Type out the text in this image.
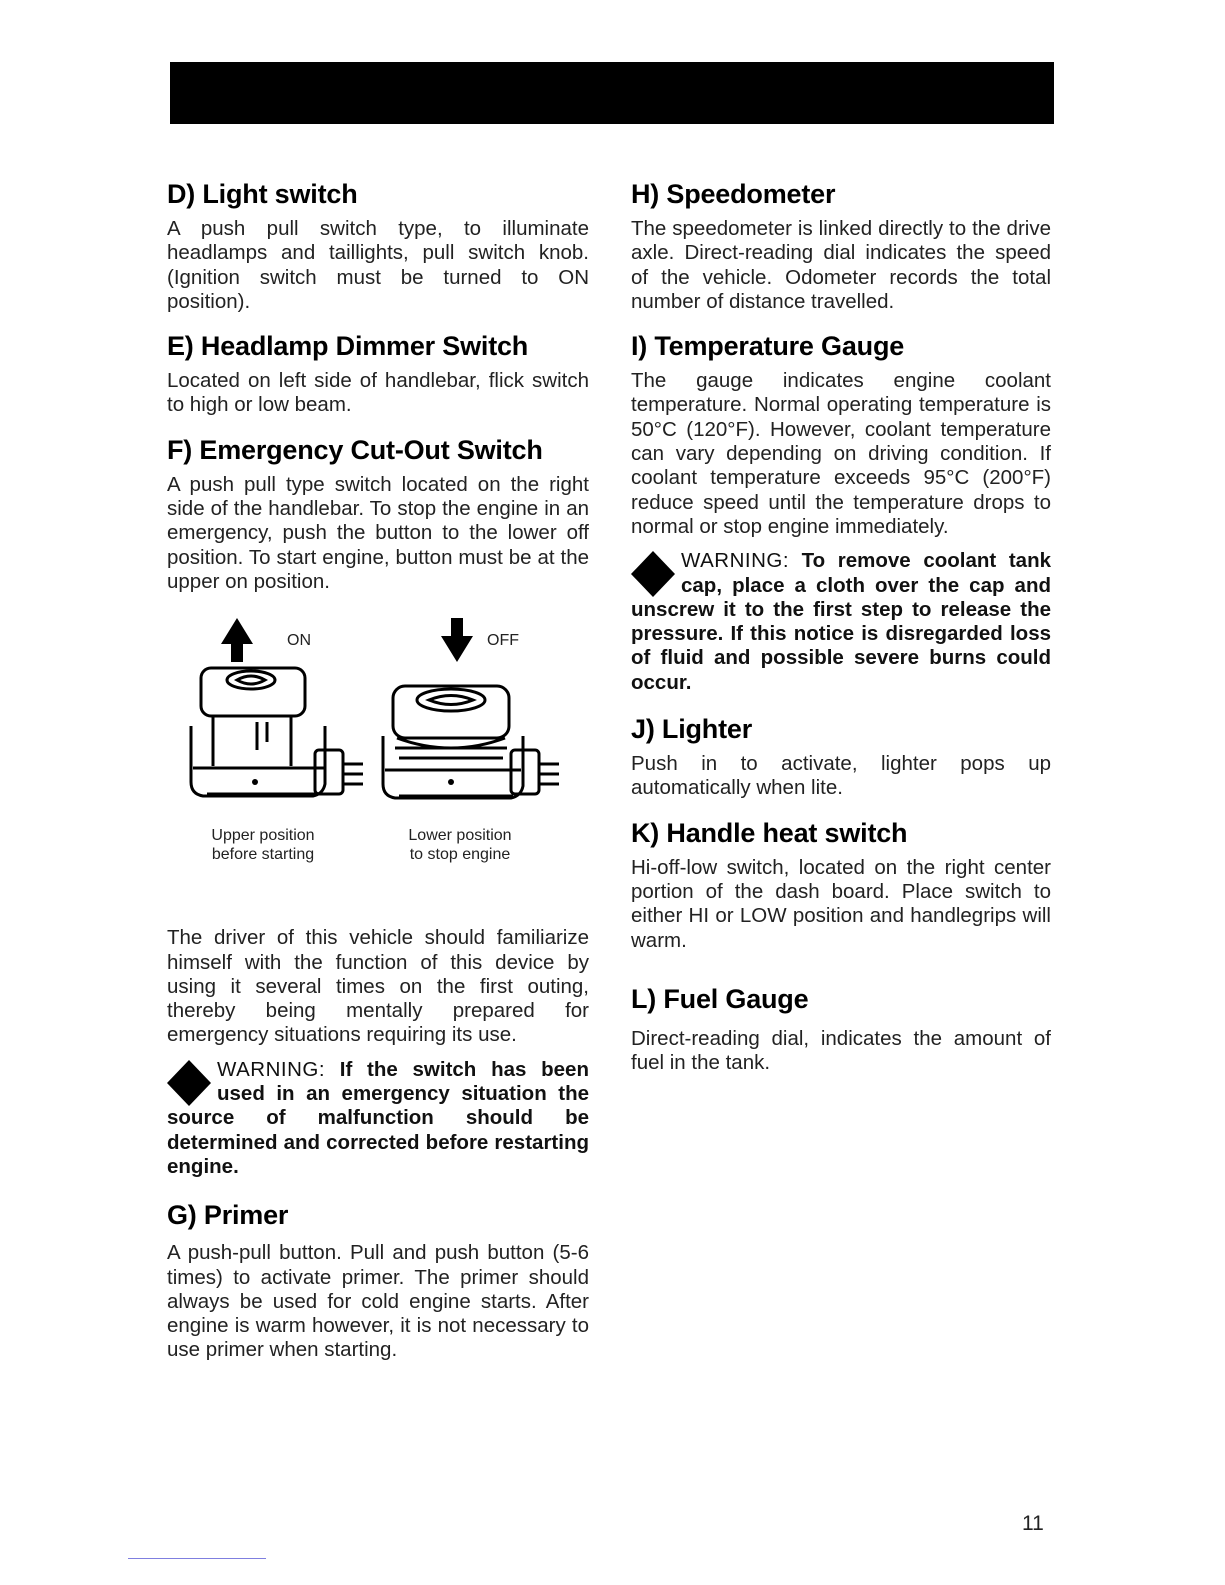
D) Light switch

A push pull switch type, to illuminate headlamps and taillights, pull switch knob. (Ignition switch must be turned to ON position).

E) Headlamp Dimmer Switch

Located on left side of handlebar, flick switch to high or low beam.

F) Emergency Cut-Out Switch

A push pull type switch located on the right side of the handlebar. To stop the engine in an emergency, push the button to the lower off position. To start engine, button must be at the upper on position.

ON	OFF
Upper position
before starting
Lower position
to stop engine

The driver of this vehicle should familiarize himself with the function of this device by using it several times on the first outing, thereby being mentally prepared for emergency situations requiring its use.

WARNING: If the switch has been used in an emergency situation the source of malfunction should be determined and corrected before restarting engine.
G) Primer

A push-pull button. Pull and push button (5-6 times) to activate primer. The primer should always be used for cold engine starts. After engine is warm however, it is not necessary to use primer when starting.

H) Speedometer

The speedometer is linked directly to the drive axle. Direct-reading dial indicates the speed of the vehicle. Odometer records the total number of distance travelled.

I) Temperature Gauge

The gauge indicates engine coolant temperature. Normal operating temperature is 50°C (120°F). However, coolant temperature can vary depending on driving condition. If coolant temperature exceeds 95°C (200°F) reduce speed until the temperature drops to normal or stop engine immediately.

WARNING: To remove coolant tank cap, place a cloth over the cap and unscrew it to the first step to release the pressure. If this notice is disregarded loss of fluid and possible severe burns could occur.
J) Lighter

Push in to activate, lighter pops up automatically when lite.

K) Handle heat switch

Hi-off-low switch, located on the right center portion of the dash board. Place switch to either HI or LOW position and handlegrips will warm.

L) Fuel Gauge

Direct-reading dial, indicates the amount of fuel in the tank.

11
